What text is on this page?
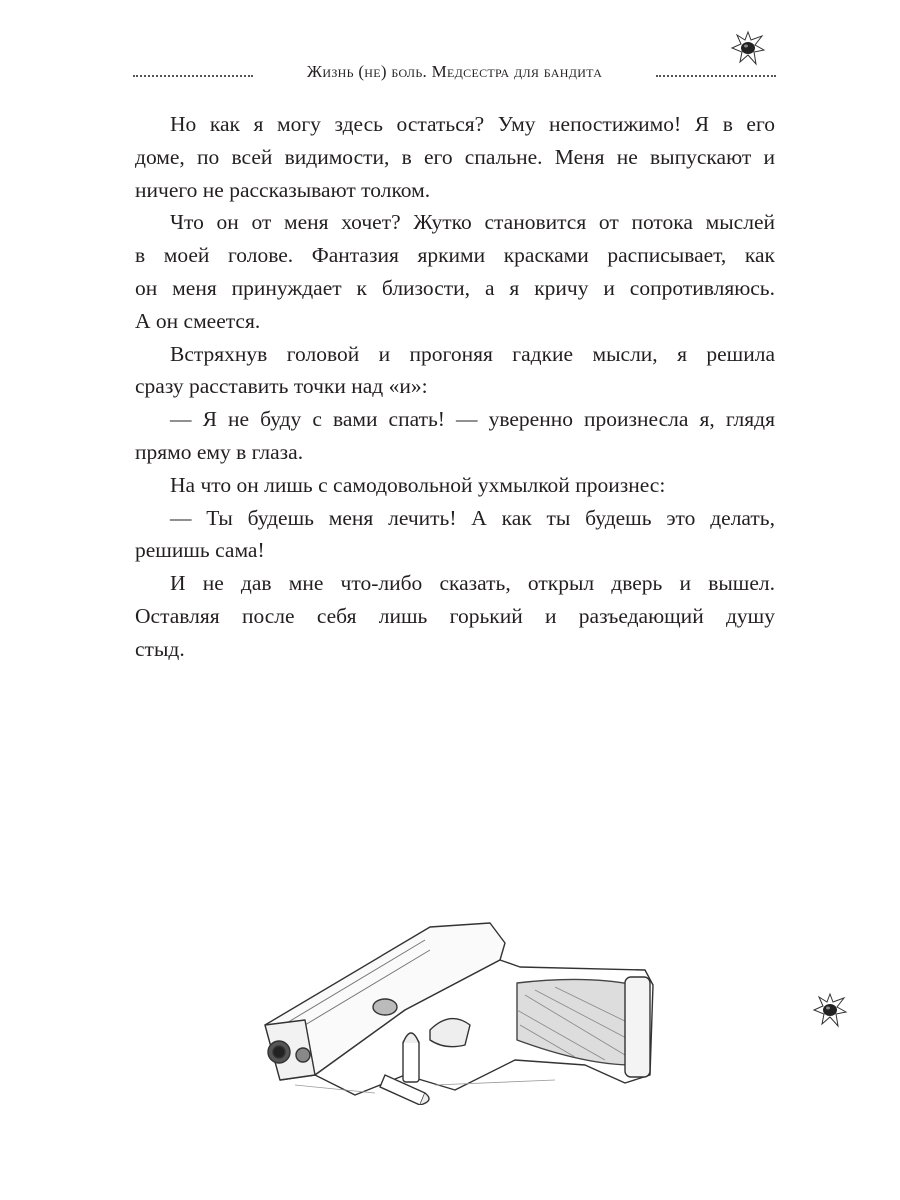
Жизнь (не) боль. Медсестра для бандита
Но как я могу здесь остаться? Уму непостижимо! Я в его
доме, по всей видимости, в его спальне. Меня не выпускают и
ничего не рассказывают толком.
Что он от меня хочет? Жутко становится от потока мыслей
в моей голове. Фантазия яркими красками расписывает, как
он меня принуждает к близости, а я кричу и сопротивляюсь.
А он смеется.
Встряхнув головой и прогоняя гадкие мысли, я решила
сразу расставить точки над «и»:
— Я не буду с вами спать! — уверенно произнесла я, глядя
прямо ему в глаза.
На что он лишь с самодовольной ухмылкой произнес:
— Ты будешь меня лечить! А как ты будешь это делать,
решишь сама!
И не дав мне что-либо сказать, открыл дверь и вышел.
Оставляя после себя лишь горький и разъедающий душу
стыд.
